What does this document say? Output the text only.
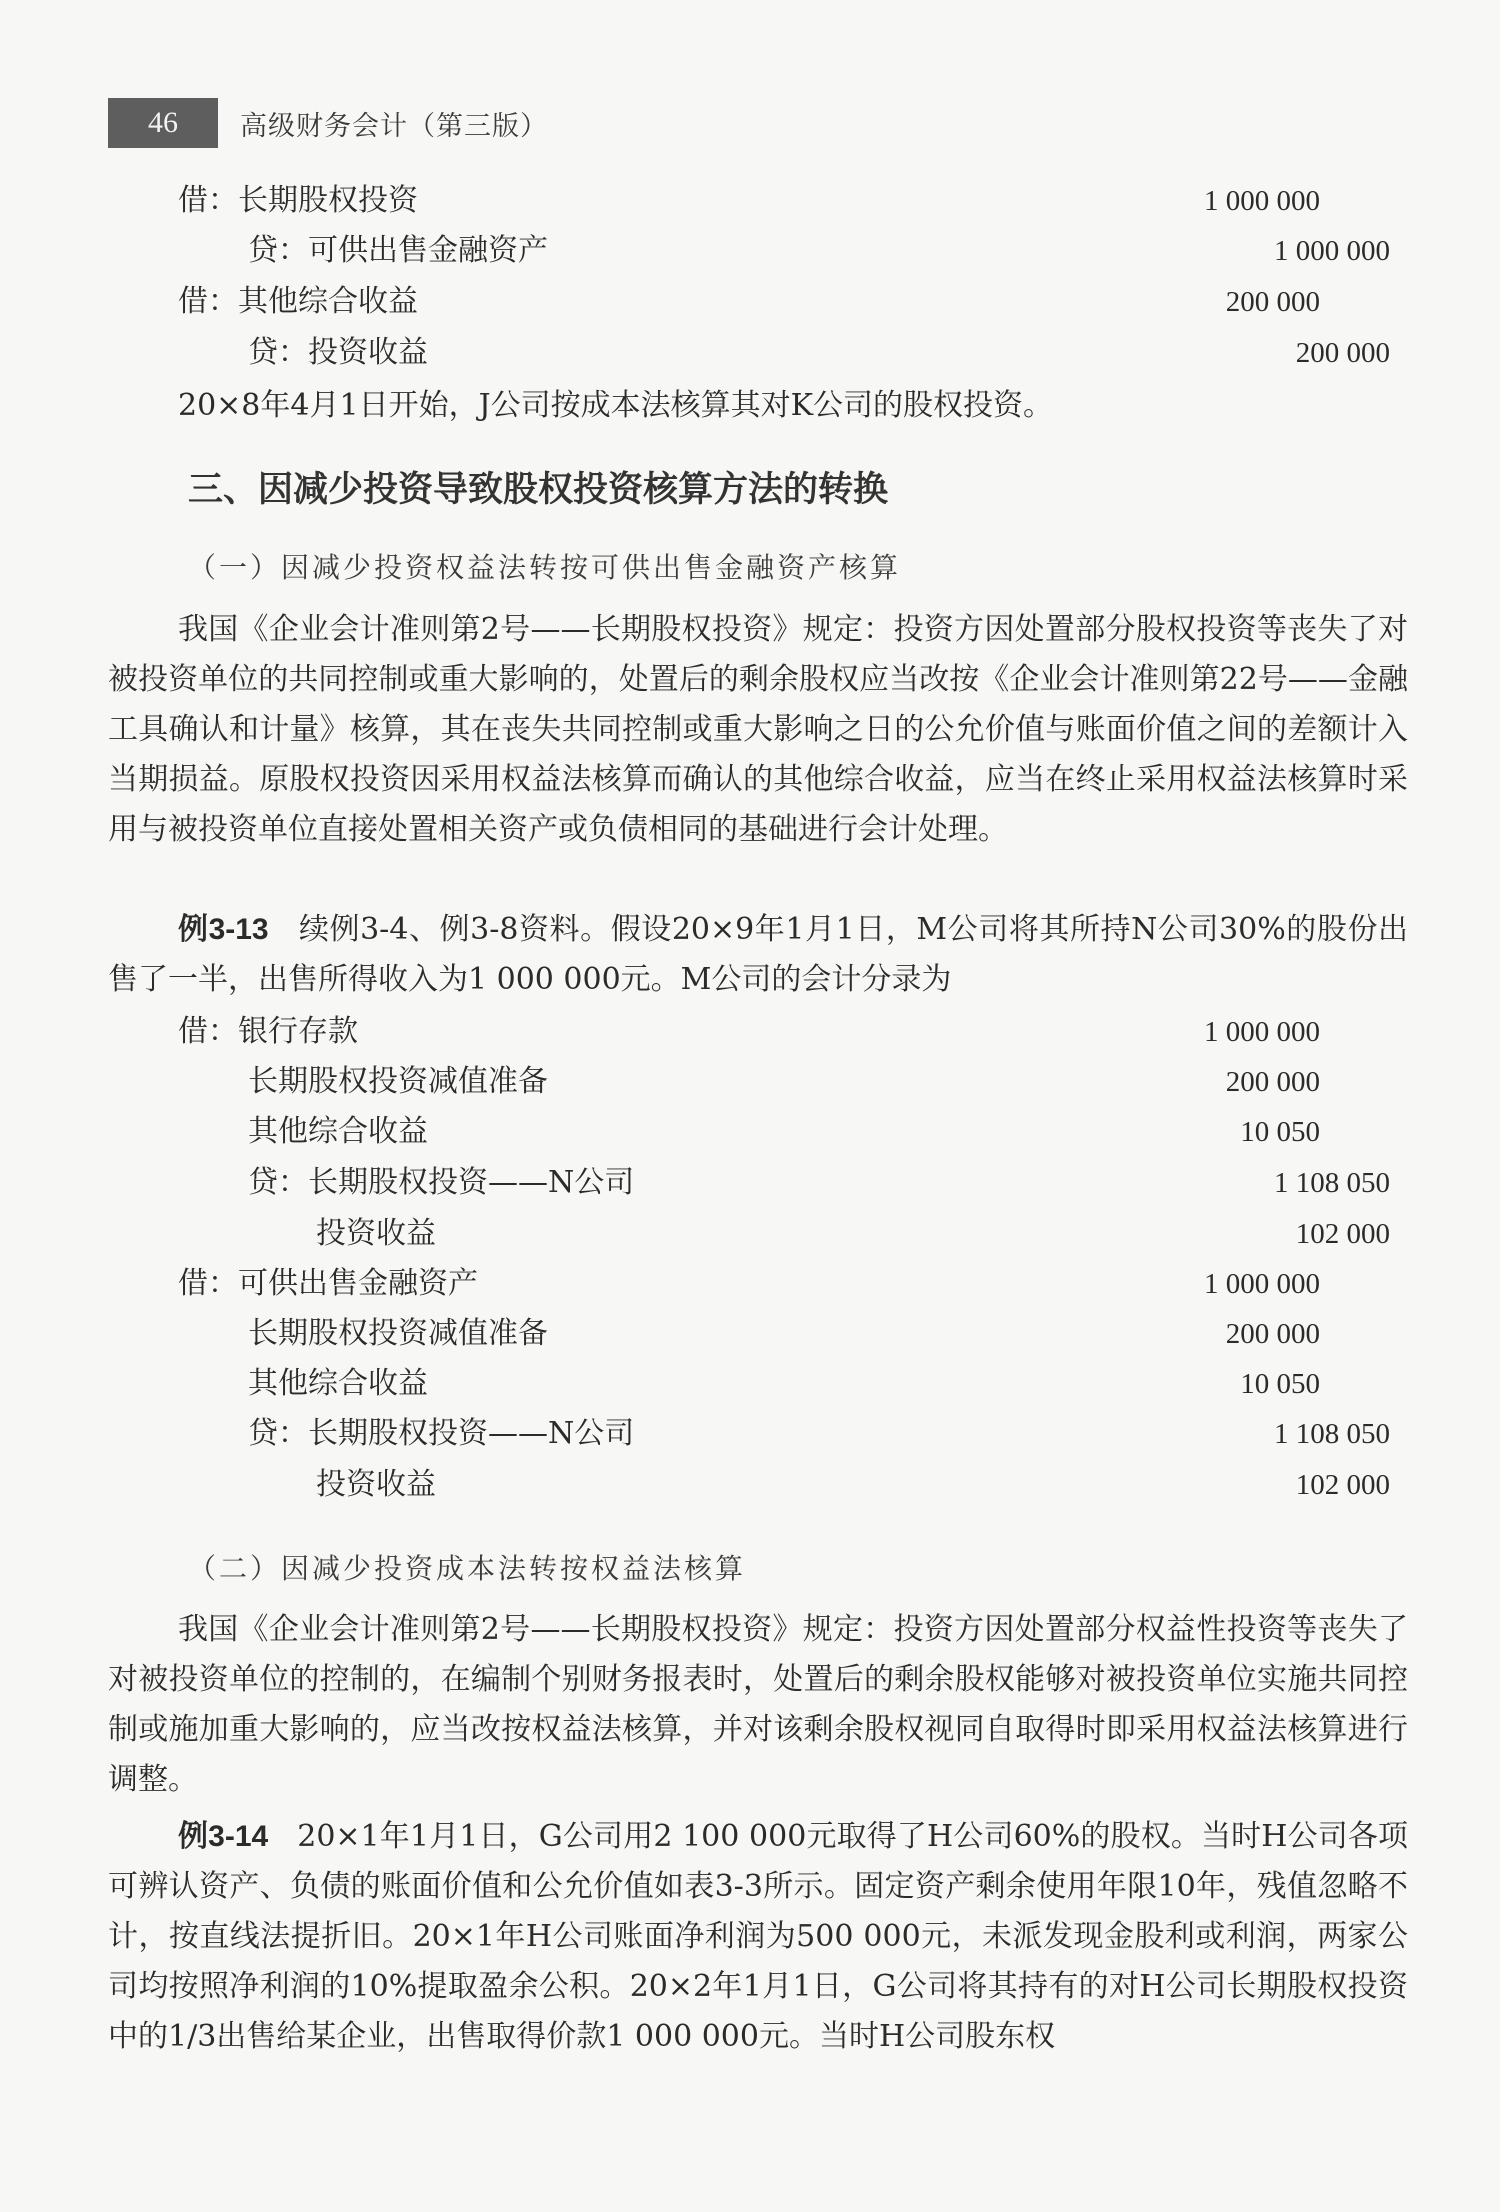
46	高级财务会计（第三版）
借：长期股权投资	1 000 000
贷：可供出售金融资产	1 000 000
借：其他综合收益	200 000
贷：投资收益	200 000
20×8年4月1日开始，J公司按成本法核算其对K公司的股权投资。
三、因减少投资导致股权投资核算方法的转换
（一）因减少投资权益法转按可供出售金融资产核算
我国《企业会计准则第2号——长期股权投资》规定：投资方因处置部分股权投资等丧失了对被投资单位的共同控制或重大影响的，处置后的剩余股权应当改按《企业会计准则第22号——金融工具确认和计量》核算，其在丧失共同控制或重大影响之日的公允价值与账面价值之间的差额计入当期损益。原股权投资因采用权益法核算而确认的其他综合收益，应当在终止采用权益法核算时采用与被投资单位直接处置相关资产或负债相同的基础进行会计处理。
例3-13 续例3-4、例3-8资料。假设20×9年1月1日，M公司将其所持N公司30%的股份出售了一半，出售所得收入为1 000 000元。M公司的会计分录为
借：银行存款	1 000 000
长期股权投资减值准备	200 000
其他综合收益	10 050
贷：长期股权投资——N公司	1 108 050
投资收益	102 000
借：可供出售金融资产	1 000 000
长期股权投资减值准备	200 000
其他综合收益	10 050
贷：长期股权投资——N公司	1 108 050
投资收益	102 000
（二）因减少投资成本法转按权益法核算
我国《企业会计准则第2号——长期股权投资》规定：投资方因处置部分权益性投资等丧失了对被投资单位的控制的，在编制个别财务报表时，处置后的剩余股权能够对被投资单位实施共同控制或施加重大影响的，应当改按权益法核算，并对该剩余股权视同自取得时即采用权益法核算进行调整。
例3-14 20×1年1月1日，G公司用2 100 000元取得了H公司60%的股权。当时H公司各项可辨认资产、负债的账面价值和公允价值如表3-3所示。固定资产剩余使用年限10年，残值忽略不计，按直线法提折旧。20×1年H公司账面净利润为500 000元，未派发现金股利或利润，两家公司均按照净利润的10%提取盈余公积。20×2年1月1日，G公司将其持有的对H公司长期股权投资中的1/3出售给某企业，出售取得价款1 000 000元。当时H公司股东权
